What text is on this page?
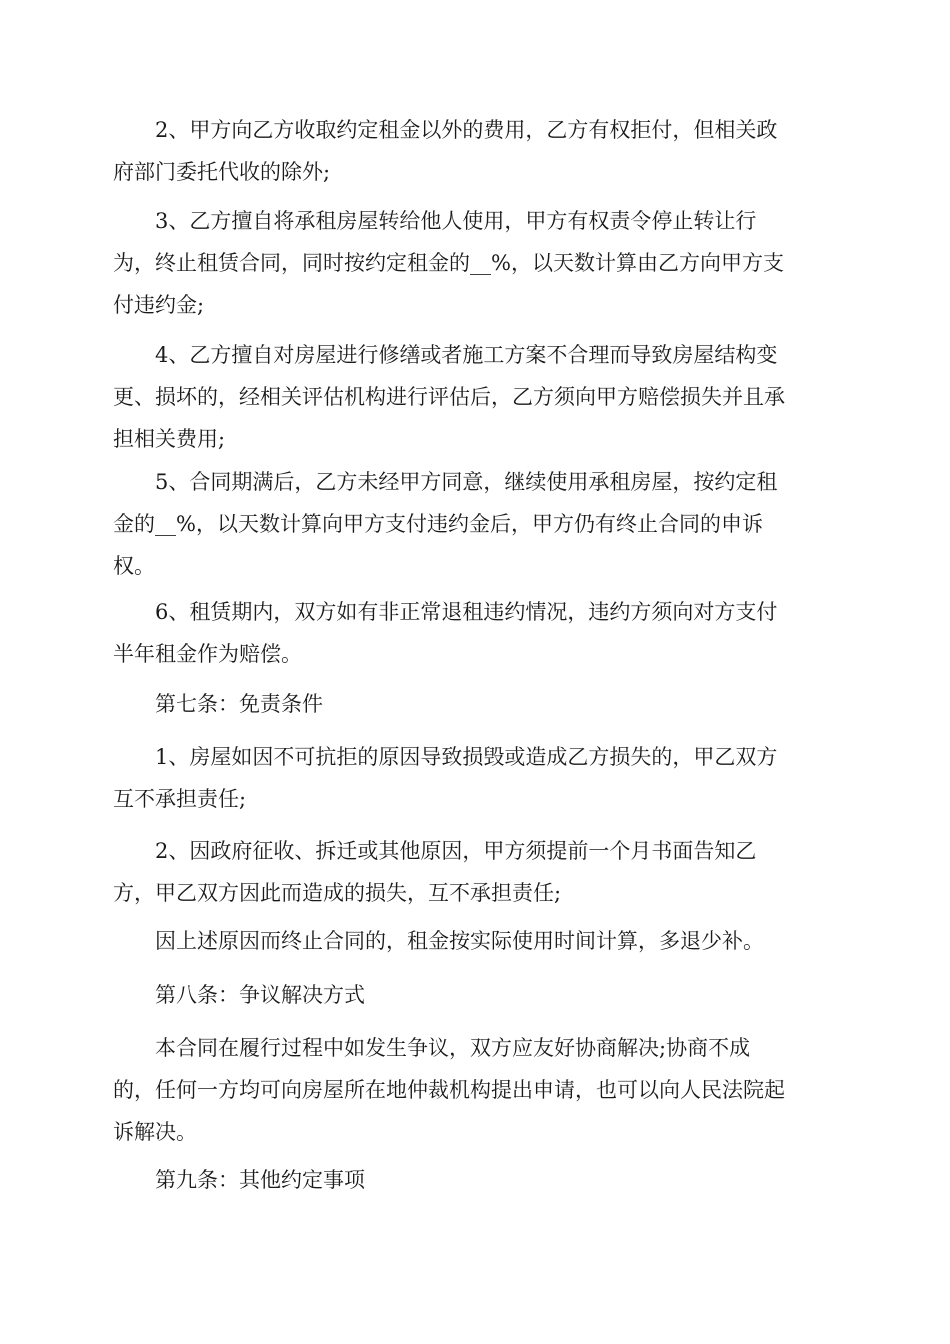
　　2、甲方向乙方收取约定租金以外的费用，乙方有权拒付，但相关政
府部门委托代收的除外;

　　3、乙方擅自将承租房屋转给他人使用，甲方有权责令停止转让行
为，终止租赁合同，同时按约定租金的__%，以天数计算由乙方向甲方支
付违约金;

　　4、乙方擅自对房屋进行修缮或者施工方案不合理而导致房屋结构变
更、损坏的，经相关评估机构进行评估后，乙方须向甲方赔偿损失并且承
担相关费用;

　　5、合同期满后，乙方未经甲方同意，继续使用承租房屋，按约定租
金的__%，以天数计算向甲方支付违约金后，甲方仍有终止合同的申诉
权。

　　6、租赁期内，双方如有非正常退租违约情况，违约方须向对方支付
半年租金作为赔偿。

　　第七条：免责条件

　　1、房屋如因不可抗拒的原因导致损毁或造成乙方损失的，甲乙双方
互不承担责任;

　　2、因政府征收、拆迁或其他原因，甲方须提前一个月书面告知乙
方，甲乙双方因此而造成的损失，互不承担责任;

　　因上述原因而终止合同的，租金按实际使用时间计算，多退少补。

　　第八条：争议解决方式

　　本合同在履行过程中如发生争议，双方应友好协商解决;协商不成
的，任何一方均可向房屋所在地仲裁机构提出申请，也可以向人民法院起
诉解决。

　　第九条：其他约定事项
